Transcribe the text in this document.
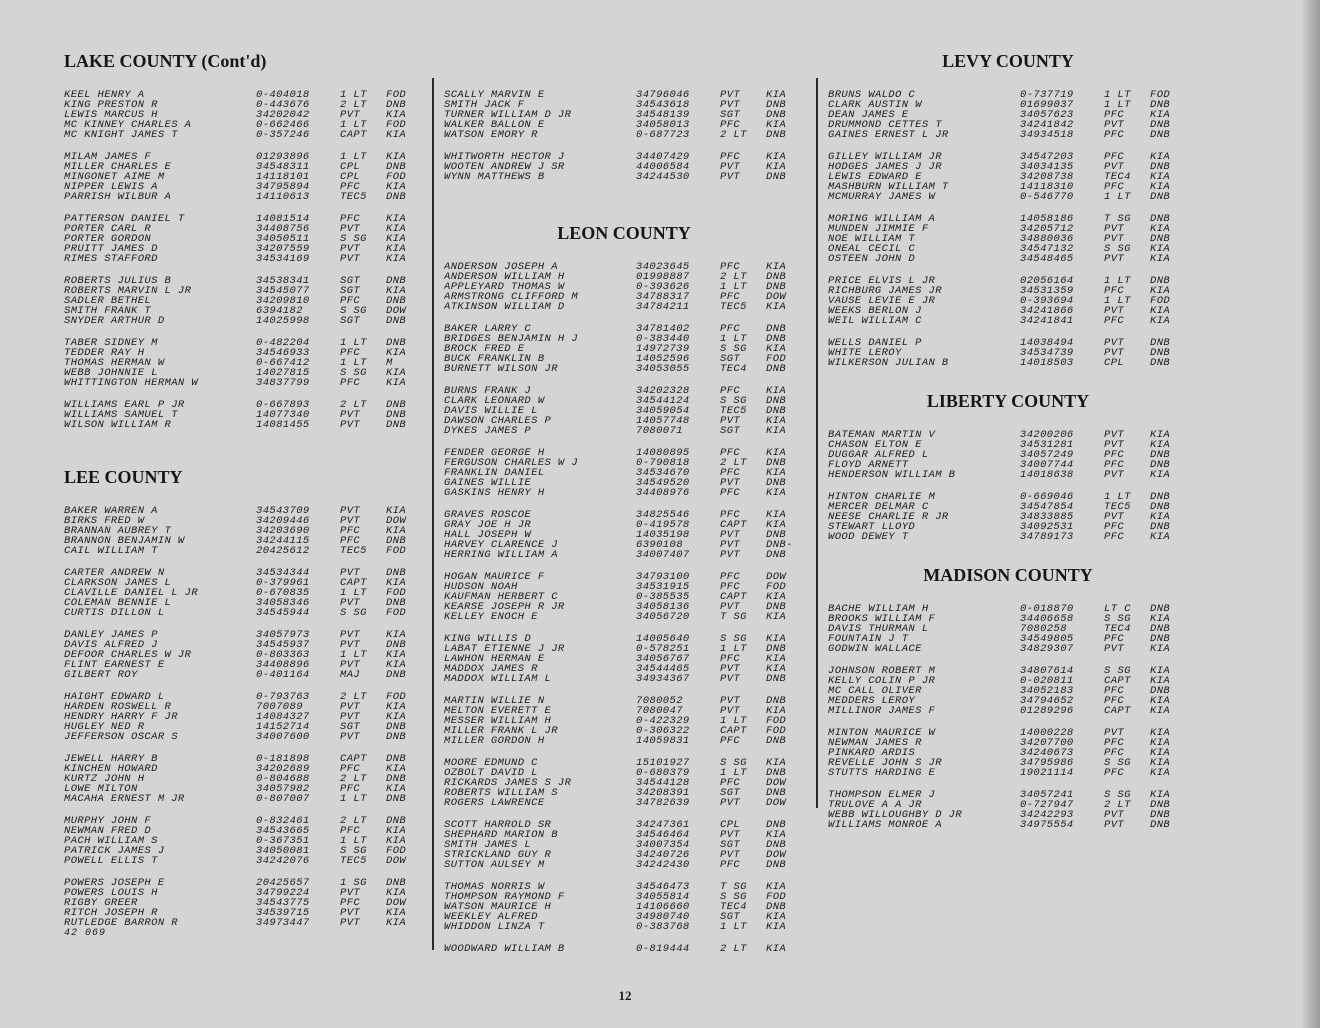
LAKE COUNTY (Cont'd)
KEEL HENRY A	0-404018	1 LT	FOD
KING PRESTON R	0-443676	2 LT	DNB
LEWIS MARCUS H	34202042	PVT	KIA
MC KINNEY CHARLES A	0-662466	1 LT	FOD
MC KNIGHT JAMES T	0-357246	CAPT	KIA
MILAM JAMES F	01293896	1 LT	KIA
MILLER CHARLES E	34548311	CPL	DNB
MINGONET AIME M	14118101	CPL	FOD
NIPPER LEWIS A	34795894	PFC	KIA
PARRISH WILBUR A	14110613	TEC5	DNB
PATTERSON DANIEL T	14081514	PFC	KIA
PORTER CARL R	34408756	PVT	KIA
PORTER GORDON	34050511	S SG	KIA
PRUITT JAMES D	34207559	PVT	KIA
RIMES STAFFORD	34534169	PVT	KIA
ROBERTS JULIUS B	34538341	SGT	DNB
ROBERTS MARVIN L JR	34545077	SGT	KIA
SADLER BETHEL	34209810	PFC	DNB
SMITH FRANK T	6394182	S SG	DOW
SNYDER ARTHUR D	14025998	SGT	DNB
TABER SIDNEY M	0-482204	1 LT	DNB
TEDDER RAY H	34546933	PFC	KIA
THOMAS HERMAN W	0-667412	1 LT	M
WEBB JOHNNIE L	14027815	S SG	KIA
WHITTINGTON HERMAN W	34837799	PFC	KIA
WILLIAMS EARL P JR	0-667893	2 LT	DNB
WILLIAMS SAMUEL T	14077340	PVT	DNB
WILSON WILLIAM R	14081455	PVT	DNB
LEE COUNTY
BAKER WARREN A	34543709	PVT	KIA
BIRKS FRED W	34209446	PVT	DOW
BRANNAN AUBREY T	34203690	PFC	KIA
BRANNON BENJAMIN W	34244115	PFC	DNB
CAIL WILLIAM T	20425612	TEC5	FOD
CARTER ANDREW N	34534344	PVT	DNB
CLARKSON JAMES L	0-379961	CAPT	KIA
CLAVILLE DANIEL L JR	0-670835	1 LT	FOD
COLEMAN BENNIE L	34058346	PVT	DNB
CURTIS DILLON L	34545944	S SG	FOD
DANLEY JAMES P	34057973	PVT	KIA
DAVIS ALFRED J	34545937	PVT	DNB
DEFOOR CHARLES W JR	0-803363	1 LT	KIA
FLINT EARNEST E	34408896	PVT	KIA
GILBERT ROY	0-401164	MAJ	DNB
HAIGHT EDWARD L	0-793763	2 LT	FOD
HARDEN ROSWELL R	7007089	PVT	KIA
HENDRY HARRY F JR	14084327	PVT	KIA
HUGLEY NED R	14152714	SGT	DNB
JEFFERSON OSCAR S	34007600	PVT	DNB
JEWELL HARRY B	0-181898	CAPT	DNB
KINCHEN HOWARD	34202689	PFC	KIA
KURTZ JOHN H	0-804688	2 LT	DNB
LOWE MILTON	34057982	PFC	KIA
MACAHA ERNEST M JR	0-807007	1 LT	DNB
MURPHY JOHN F	0-832461	2 LT	DNB
NEWMAN FRED D	34543665	PFC	KIA
PACH WILLIAM S	0-367351	1 LT	KIA
PATRICK JAMES J	34050081	S SG	FOD
POWELL ELLIS T	34242076	TEC5	DOW
POWERS JOSEPH E	20425657	1 SG	DNB
POWERS LOUIS H	34799224	PVT	KIA
RIGBY GREER	34543775	PFC	DOW
RITCH JOSEPH R	34539715	PVT	KIA
RUTLEDGE BARRON R	34973447	PVT	KIA
SCALLY MARVIN E	34796046	PVT	KIA
SMITH JACK F	34543618	PVT	DNB
TURNER WILLIAM D JR	34548139	SGT	DNB
WALKER BALLON E	34058013	PFC	KIA
WATSON EMORY R	0-687723	2 LT	DNB
WHITWORTH HECTOR J	34407429	PFC	KIA
WOOTEN ANDREW J SR	44006584	PVT	KIA
WYNN MATTHEWS B	34244530	PVT	DNB
LEON COUNTY
ANDERSON JOSEPH A	34023645	PFC	KIA
ANDERSON WILLIAM H	01998887	2 LT	DNB
APPLEYARD THOMAS W	0-393626	1 LT	DNB
ARMSTRONG CLIFFORD M	34788317	PFC	DOW
ATKINSON WILLIAM D	34784211	TEC5	KIA
BAKER LARRY C	34781402	PFC	DNB
BRIDGES BENJAMIN H J	0-383440	1 LT	DNB
BROCK FRED E	14972739	S SG	KIA
BUCK FRANKLIN B	14052596	SGT	FOD
BURNETT WILSON JR	34053055	TEC4	DNB
BURNS FRANK J	34202328	PFC	KIA
CLARK LEONARD W	34544124	S SG	DNB
DAVIS WILLIE L	34059054	TEC5	DNB
DAWSON CHARLES P	14057748	PVT	KIA
DYKES JAMES P	7080071	SGT	KIA
FENDER GEORGE H	14080895	PFC	KIA
FERGUSON CHARLES W J	0-790818	2 LT	DNB
FRANKLIN DANIEL	34534670	PFC	KIA
GAINES WILLIE	34549520	PVT	DNB
GASKINS HENRY H	34408976	PFC	KIA
GRAVES ROSCOE	34825546	PFC	KIA
GRAY JOE H JR	0-419578	CAPT	KIA
HALL JOSEPH W	14035198	PVT	DNB
HARVEY CLARENCE J	6390108	PVT	DNB-
HERRING WILLIAM A	34007407	PVT	DNB
HOGAN MAURICE F	34793100	PFC	DOW
HUDSON NOAH	34531915	PFC	FOD
KAUFMAN HERBERT C	0-385535	CAPT	KIA
KEARSE JOSEPH R JR	34058136	PVT	DNB
KELLEY ENOCH E	34056720	T SG	KIA
KING WILLIS D	14005640	S SG	KIA
LABAT ETIENNE J JR	0-578251	1 LT	DNB
LAWHON HERMAN E	34056767	PFC	KIA
MADDOX JAMES R	34544465	PVT	KIA
MADDOX WILLIAM L	34934367	PVT	DNB
MARTIN WILLIE N	7080052	PVT	DNB
MELTON EVERETT E	7080047	PVT	KIA
MESSER WILLIAM H	0-422329	1 LT	FOD
MILLER FRANK L JR	0-306322	CAPT	FOD
MILLER GORDON H	14059831	PFC	DNB
MOORE EDMUND C	15101927	S SG	KIA
OZBOLT DAVID L	0-680379	1 LT	DNB
RICKARDS JAMES S JR	34544128	PFC	DOW
ROBERTS WILLIAM S	34208391	SGT	DNB
ROGERS LAWRENCE	34782639	PVT	DOW
SCOTT HARROLD SR	34247361	CPL	DNB
SHEPHARD MARION B	34546464	PVT	KIA
SMITH JAMES L	34007354	SGT	DNB
STRICKLAND GUY R	34240726	PVT	DOW
SUTTON AULSEY M	34242430	PFC	DNB
THOMAS NORRIS W	34546473	T SG	KIA
THOMPSON RAYMOND F	34055814	S SG	FOD
WATSON MAURICE H	14106660	TEC4	DNB
WEEKLEY ALFRED	34980740	SGT	KIA
WHIDDON LINZA T	0-383768	1 LT	KIA
WOODWARD WILLIAM B	0-819444	2 LT	KIA
LEVY COUNTY
BRUNS WALDO C	0-737719	1 LT	FOD
CLARK AUSTIN W	01699037	1 LT	DNB
DEAN JAMES E	34057623	PFC	KIA
DRUMMOND CETTES T	34241842	PVT	DNB
GAINES ERNEST L JR	34934518	PFC	DNB
GILLEY WILLIAM JR	34547203	PFC	KIA
HODGES JAMES J JR	34034135	PVT	DNB
LEWIS EDWARD E	34208738	TEC4	KIA
MASHBURN WILLIAM T	14118310	PFC	KIA
MCMURRAY JAMES W	0-546770	1 LT	DNB
MORING WILLIAM A	14058186	T SG	DNB
MUNDEN JIMMIE F	34205712	PVT	KIA
NOE WILLIAM T	34880036	PVT	DNB
ONEAL CECIL C	34547132	S SG	KIA
OSTEEN JOHN D	34548465	PVT	KIA
PRICE ELVIS L JR	02056164	1 LT	DNB
RICHBURG JAMES JR	34531359	PFC	KIA
VAUSE LEVIE E JR	0-393694	1 LT	FOD
WEEKS BERLON J	34241866	PVT	KIA
WEIL WILLIAM C	34241841	PFC	KIA
WELLS DANIEL P	14038494	PVT	DNB
WHITE LEROY	34534739	PVT	DNB
WILKERSON JULIAN B	14018503	CPL	DNB
LIBERTY COUNTY
BATEMAN MARTIN V	34200206	PVT	KIA
CHASON ELTON E	34531281	PVT	KIA
DUGGAR ALFRED L	34057249	PFC	DNB
FLOYD ARNETT	34007744	PFC	DNB
HENDERSON WILLIAM B	14018638	PVT	KIA
HINTON CHARLIE M	0-669046	1 LT	DNB
MERCER DELMAR C	34547854	TEC5	DNB
NEESE CHARLIE R JR	34833885	PVT	KIA
STEWART LLOYD	34092531	PFC	DNB
WOOD DEWEY T	34789173	PFC	KIA
MADISON COUNTY
BACHE WILLIAM H	0-018870	LT C	DNB
BROOKS WILLIAM F	34406658	S SG	KIA
DAVIS THURMAN L	7080258	TEC4	DNB
FOUNTAIN J T	34549805	PFC	DNB
GODWIN WALLACE	34829307	PVT	KIA
JOHNSON ROBERT M	34807614	S SG	KIA
KELLY COLIN P JR	0-020811	CAPT	KIA
MC CALL OLIVER	34052183	PFC	DNB
MEDDERS LEROY	34794652	PFC	KIA
MILLINOR JAMES F	01289296	CAPT	KIA
MINTON MAURICE W	14000228	PVT	KIA
NEWMAN JAMES R	34207700	PFC	KIA
PINKARD ARDIS	34240673	PFC	KIA
REVELLE JOHN S JR	34795986	S SG	KIA
STUTTS HARDING E	19021114	PFC	KIA
THOMPSON ELMER J	34057241	S SG	KIA
TRULOVE A A JR	0-727947	2 LT	DNB
WEBB WILLOUGHBY D JR	34242293	PVT	DNB
WILLIAMS MONROE A	34975554	PVT	DNB
42 069
12
